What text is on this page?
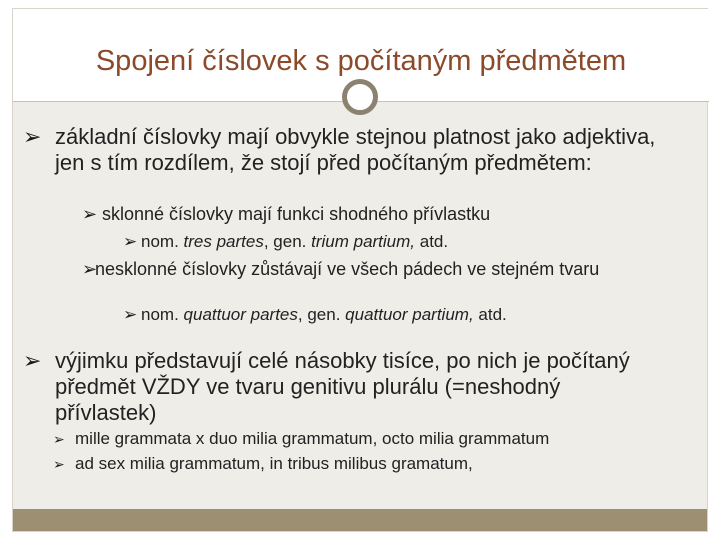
Spojení číslovek s počítaným předmětem
➢ základní číslovky mají obvykle stejnou platnost jako adjektiva, jen s tím rozdílem, že stojí před počítaným předmětem:
➢ sklonné číslovky mají funkci shodného přívlastku
➢ nom. tres partes, gen. trium partium, atd.
➢
nesklonné číslovky zůstávají ve všech pádech ve stejném tvaru
➢ nom. quattuor partes, gen. quattuor partium, atd.
➢ výjimku představují celé násobky tisíce, po nich je počítaný předmět VŽDY ve tvaru genitivu plurálu (=neshodný přívlastek)
➢ mille grammata x duo milia grammatum, octo milia grammatum
➢ ad sex milia grammatum, in tribus milibus gramatum,
